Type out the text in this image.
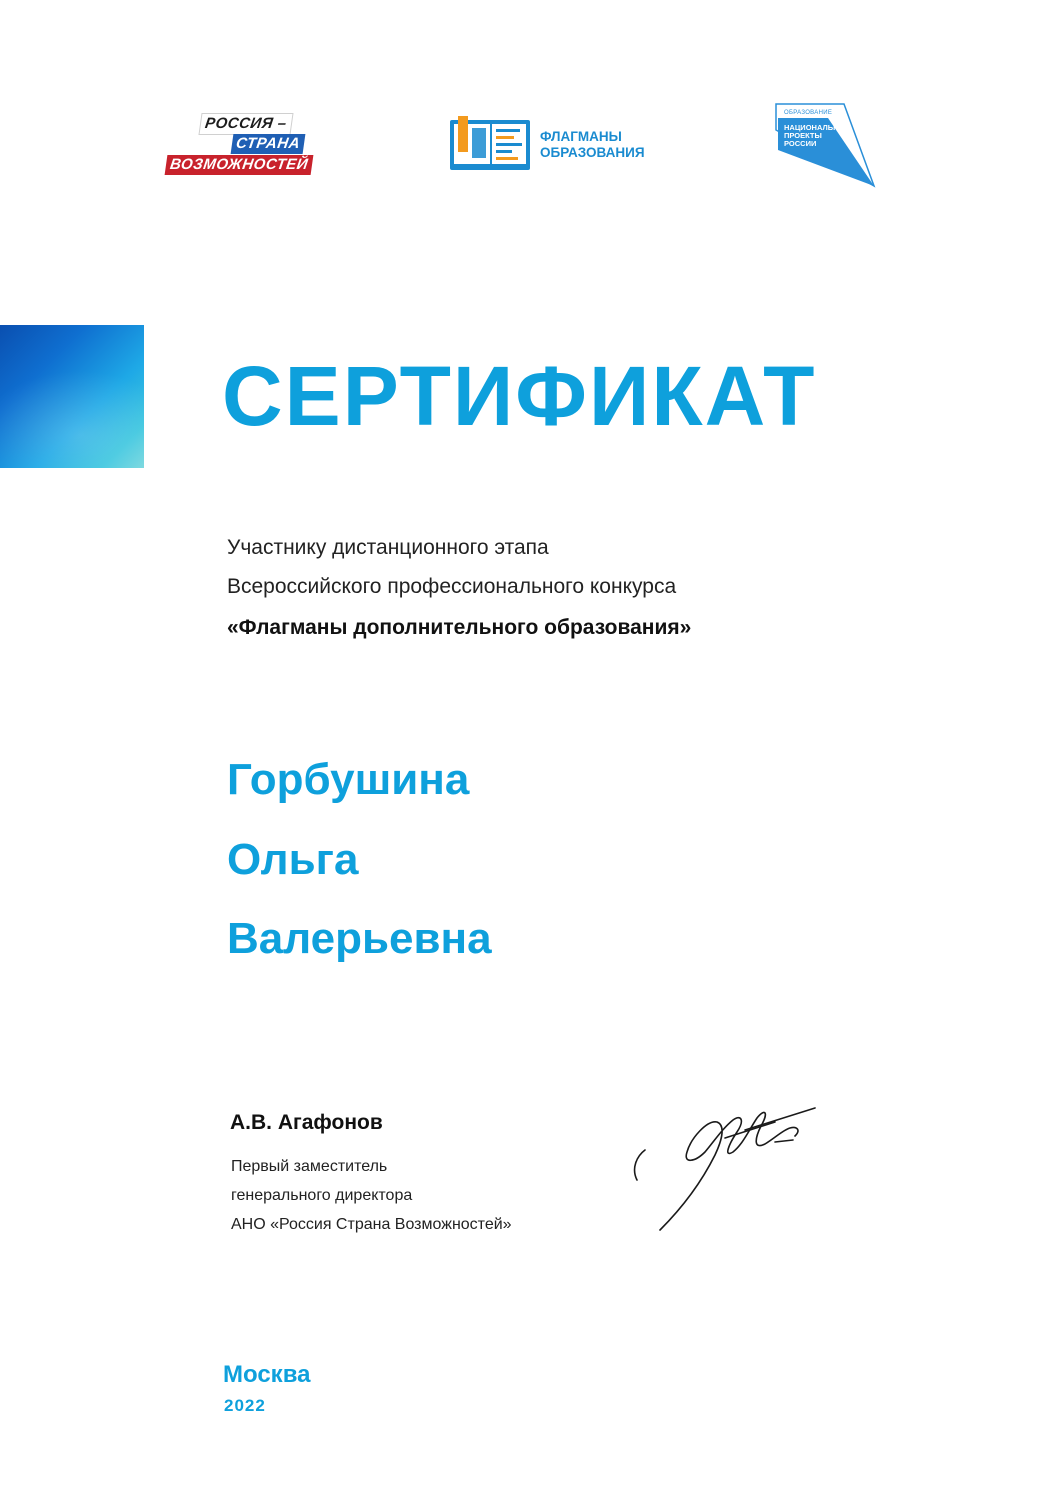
РОССИЯ –
СТРАНА
ВОЗМОЖНОСТЕЙ
ФЛАГМАНЫ
ОБРАЗОВАНИЯ
ОБРАЗОВАНИЕ
НАЦИОНАЛЬНЫЕ
ПРОЕКТЫ
РОССИИ
СЕРТИФИКАТ
Участнику дистанционного этапа
Всероссийского профессионального конкурса
«Флагманы дополнительного образования»
Горбушина
Ольга
Валерьевна
А.В. Агафонов
Первый заместитель
генерального директора
АНО «Россия Страна Возможностей»
Москва
2022
